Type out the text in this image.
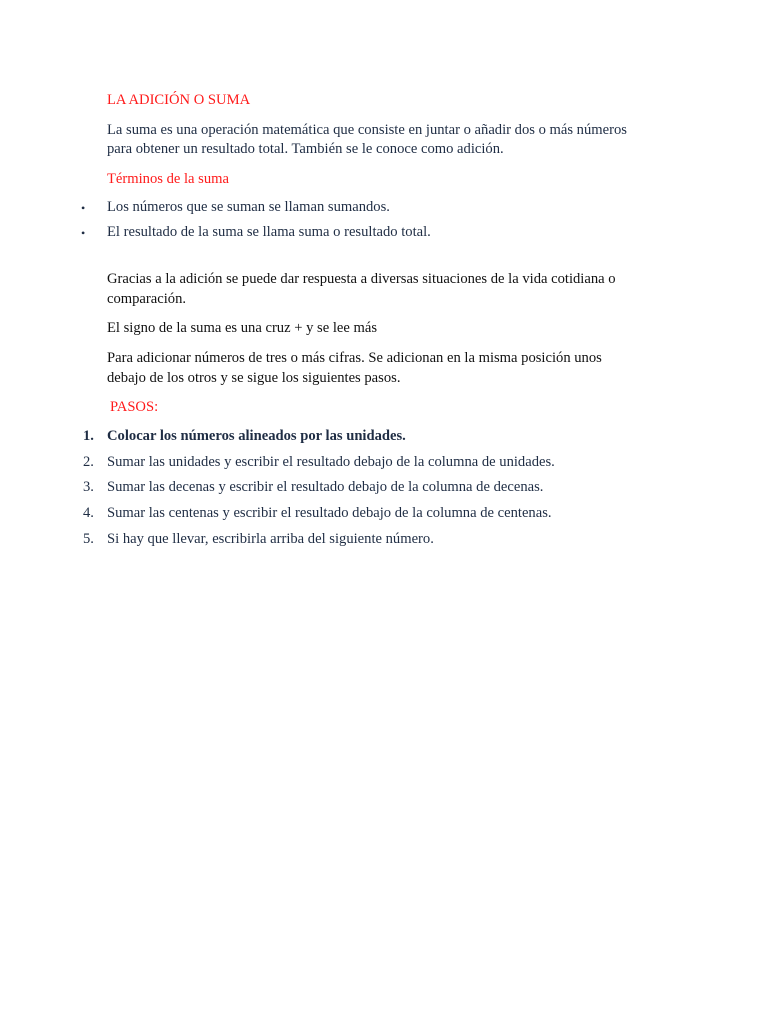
LA ADICIÓN O SUMA
La suma es una operación matemática que consiste en juntar o añadir dos o más números
para obtener un resultado total. También se le conoce como adición.
Términos de la suma
• Los números que se suman se llaman sumandos.
• El resultado de la suma se llama suma o resultado total.
Gracias a la adición se puede dar respuesta a diversas situaciones de la vida cotidiana o
comparación.
El signo de la suma es una cruz + y se lee más
Para adicionar números de tres o más cifras. Se adicionan en la misma posición unos
debajo de los otros y se sigue los siguientes pasos.
PASOS:
1. Colocar los números alineados por las unidades.
2. Sumar las unidades y escribir el resultado debajo de la columna de unidades.
3. Sumar las decenas y escribir el resultado debajo de la columna de decenas.
4. Sumar las centenas y escribir el resultado debajo de la columna de centenas.
5. Si hay que llevar, escribirla arriba del siguiente número.
